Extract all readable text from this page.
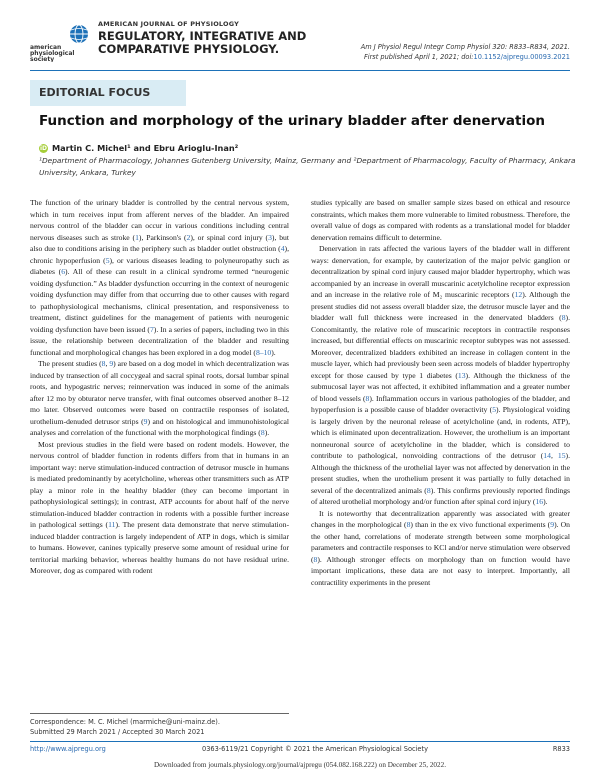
american physiological society
AMERICAN JOURNAL OF PHYSIOLOGY
REGULATORY, INTEGRATIVE AND
COMPARATIVE PHYSIOLOGY.	Am J Physiol Regul Integr Comp Physiol 320: R833–R834, 2021.
First published April 1, 2021; doi:10.1152/ajpregu.00093.2021
EDITORIAL FOCUS
Function and morphology of the urinary bladder after denervation
iD Martin C. Michel¹ and Ebru Arioglu-Inan²
¹Department of Pharmacology, Johannes Gutenberg University, Mainz, Germany and ²Department of Pharmacology, Faculty of Pharmacy, Ankara University, Ankara, Turkey

The function of the urinary bladder is controlled by the central nervous system, which in turn receives input from afferent nerves of the bladder. An impaired nervous control of the bladder can occur in various conditions including central nervous diseases such as stroke (1), Parkinson's (2), or spinal cord injury (3), but also due to conditions arising in the periphery such as bladder outlet obstruction (4), chronic hypoperfusion (5), or various diseases leading to polyneuropathy such as diabetes (6). All of these can result in a clinical syndrome termed “neurogenic voiding dysfunction.” As bladder dysfunction occurring in the context of neurogenic voiding dysfunction may differ from that occurring due to other causes with regard to pathophysiological mechanisms, clinical presentation, and responsiveness to treatment, distinct guidelines for the management of patients with neurogenic voiding dysfunction have been issued (7). In a series of papers, including two in this issue, the relationship between decentralization of the bladder and resulting functional and morphological changes has been explored in a dog model (8–10).

The present studies (8, 9) are based on a dog model in which decentralization was induced by transection of all coccygeal and sacral spinal roots, dorsal lumbar spinal roots, and hypogastric nerves; reinnervation was induced in some of the animals after 12 mo by obturator nerve transfer, with final outcomes observed another 8–12 mo later. Observed outcomes were based on contractile responses of isolated, urothelium-denuded detrusor strips (9) and on histological and immunohistological analyses and correlation of the functional with the morphological findings (8).

Most previous studies in the field were based on rodent models. However, the nervous control of bladder function in rodents differs from that in humans in an important way: nerve stimulation-induced contraction of detrusor muscle in humans is mediated predominantly by acetylcholine, whereas other transmitters such as ATP play a minor role in the healthy bladder (they can become important in pathophysiological settings); in contrast, ATP accounts for about half of the nerve stimulation-induced bladder contraction in rodents with a possible further increase in pathological settings (11). The present data demonstrate that nerve stimulation-induced bladder contraction is largely independent of ATP in dogs, which is similar to humans. However, canines typically preserve some amount of residual urine for territorial marking behavior, whereas healthy humans do not have residual urine. Moreover, dog as compared with rodent

studies typically are based on smaller sample sizes based on ethical and resource constraints, which makes them more vulnerable to limited robustness. Therefore, the overall value of dogs as compared with rodents as a translational model for bladder denervation remains difficult to determine.

Denervation in rats affected the various layers of the bladder wall in different ways: denervation, for example, by cauterization of the major pelvic ganglion or decentralization by spinal cord injury caused major bladder hypertrophy, which was accompanied by an increase in overall muscarinic acetylcholine receptor expression and an increase in the relative role of M₂ muscarinic receptors (12). Although the present studies did not assess overall bladder size, the detrusor muscle layer and the bladder wall full thickness were increased in the denervated bladders (8). Concomitantly, the relative role of muscarinic receptors in contractile responses increased, but differential effects on muscarinic receptor subtypes was not assessed. Moreover, decentralized bladders exhibited an increase in collagen content in the muscle layer, which had previously been seen across models of bladder hypertrophy except for those caused by type 1 diabetes (13). Although the thickness of the submucosal layer was not affected, it exhibited inflammation and a greater number of blood vessels (8). Inflammation occurs in various pathologies of the bladder, and hypoperfusion is a possible cause of bladder overactivity (5). Physiological voiding is largely driven by the neuronal release of acetylcholine (and, in rodents, ATP), which is eliminated upon decentralization. However, the urothelium is an important nonneuronal source of acetylcholine in the bladder, which is considered to contribute to pathological, nonvoiding contractions of the detrusor (14, 15). Although the thickness of the urothelial layer was not affected by denervation in the present studies, when the urothelium present it was partially to fully detached in several of the decentralized animals (8). This confirms previously reported findings of altered urothelial morphology and/or function after spinal cord injury (16).

It is noteworthy that decentralization apparently was associated with greater changes in the morphological (8) than in the ex vivo functional experiments (9). On the other hand, correlations of moderate strength between some morphological parameters and contractile responses to KCl and/or nerve stimulation were observed (8). Although stronger effects on morphology than on function would have important implications, these data are not easy to interpret. Importantly, all contractility experiments in the present

Correspondence: M. C. Michel (marmiche@uni-mainz.de).
Submitted 29 March 2021 / Accepted 30 March 2021
http://www.ajpregu.org	0363-6119/21 Copyright © 2021 the American Physiological Society	R833
Downloaded from journals.physiology.org/journal/ajpregu (054.082.168.222) on December 25, 2022.
